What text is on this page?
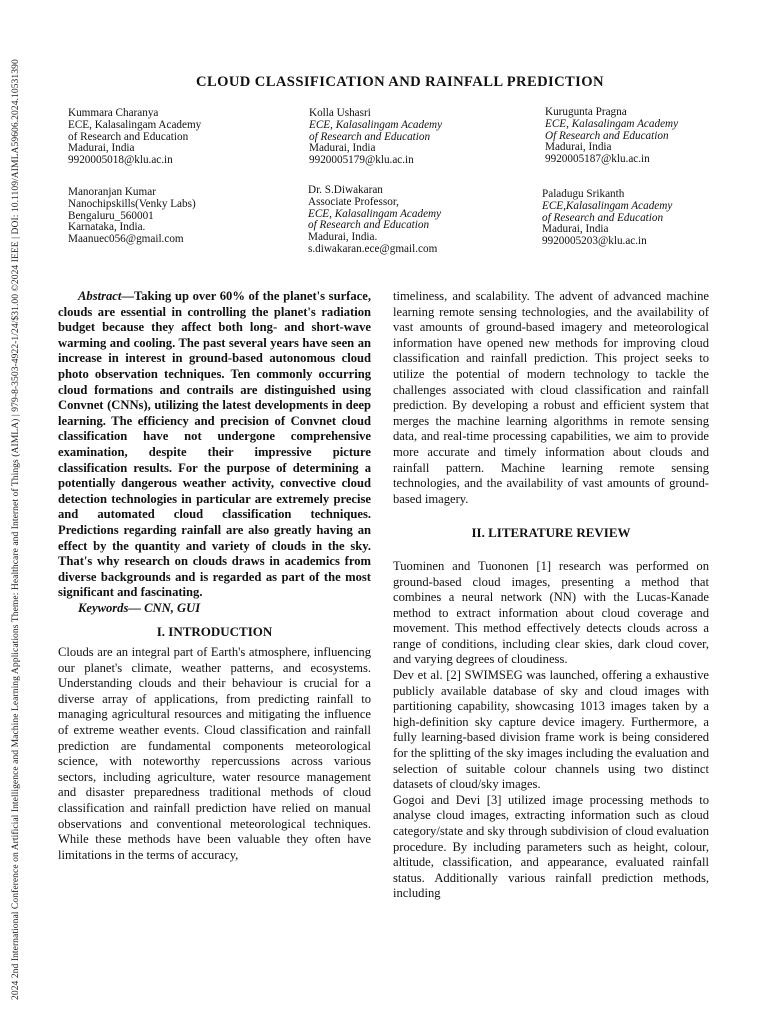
2024 2nd International Conference on Artificial Intelligence and Machine Learning Applications Theme: Healthcare and Internet of Things (AIMLA) | 979-8-3503-4922-1/24/$31.00 ©2024 IEEE | DOI: 10.1109/AIMLA59606.2024.10531390	CLOUD CLASSIFICATION AND RAINFALL PREDICTION
Kummara Charanya
ECE, Kalasalingam Academy
of Research and Education
Madurai, India
9920005018@klu.ac.in
Kolla Ushasri
ECE, Kalasalingam Academy
of Research and Education
Madurai, India
9920005179@klu.ac.in
Kurugunta Pragna
ECE, Kalasalingam Academy
Of Research and Education
Madurai, India
9920005187@klu.ac.in
Manoranjan Kumar
Nanochipskills(Venky Labs)
Bengaluru_560001
Karnataka, India.
Maanuec056@gmail.com
Dr. S.Diwakaran
Associate Professor,
ECE, Kalasalingam Academy
of Research and Education
Madurai, India.
s.diwakaran.ece@gmail.com
Paladugu Srikanth
ECE,Kalasalingam Academy
of Research and Education
Madurai, India
9920005203@klu.ac.in

Abstract—Taking up over 60% of the planet's surface, clouds are essential in controlling the planet's radiation budget because they affect both long- and short-wave warming and cooling. The past several years have seen an increase in interest in ground-based autonomous cloud photo observation techniques. Ten commonly occurring cloud formations and contrails are distinguished using Convnet (CNNs), utilizing the latest developments in deep learning. The efficiency and precision of Convnet cloud classification have not undergone comprehensive examination, despite their impressive picture classification results. For the purpose of determining a potentially dangerous weather activity, convective cloud detection technologies in particular are extremely precise and automated cloud classification techniques. Predictions regarding rainfall are also greatly having an effect by the quantity and variety of clouds in the sky. That's why research on clouds draws in academics from diverse backgrounds and is regarded as part of the most significant and fascinating.

Keywords— CNN, GUI

I. INTRODUCTION

Clouds are an integral part of Earth's atmosphere, influencing our planet's climate, weather patterns, and ecosystems. Understanding clouds and their behaviour is crucial for a diverse array of applications, from predicting rainfall to managing agricultural resources and mitigating the influence of extreme weather events. Cloud classification and rainfall prediction are fundamental components meteorological science, with noteworthy repercussions across various sectors, including agriculture, water resource management and disaster preparedness traditional methods of cloud classification and rainfall prediction have relied on manual observations and conventional meteorological techniques. While these methods have been valuable they often have limitations in the terms of accuracy,

timeliness, and scalability. The advent of advanced machine learning remote sensing technologies, and the availability of vast amounts of ground-based imagery and meteorological information have opened new methods for improving cloud classification and rainfall prediction. This project seeks to utilize the potential of modern technology to tackle the challenges associated with cloud classification and rainfall prediction. By developing a robust and efficient system that merges the machine learning algorithms in remote sensing data, and real-time processing capabilities, we aim to provide more accurate and timely information about clouds and rainfall pattern. Machine learning remote sensing technologies, and the availability of vast amounts of ground-based imagery.

II. LITERATURE REVIEW

Tuominen and Tuononen [1] research was performed on ground-based cloud images, presenting a method that combines a neural network (NN) with the Lucas-Kanade method to extract information about cloud coverage and movement. This method effectively detects clouds across a range of conditions, including clear skies, dark cloud cover, and varying degrees of cloudiness.

Dev et al. [2] SWIMSEG was launched, offering a exhaustive publicly available database of sky and cloud images with partitioning capability, showcasing 1013 images taken by a high-definition sky capture device imagery. Furthermore, a fully learning-based division frame work is being considered for the splitting of the sky images including the evaluation and selection of suitable colour channels using two distinct datasets of cloud/sky images.

Gogoi and Devi [3] utilized image processing methods to analyse cloud images, extracting information such as cloud category/state and sky through subdivision of cloud evaluation procedure. By including parameters such as height, colour, altitude, classification, and appearance, evaluated rainfall status. Additionally various rainfall prediction methods, including
